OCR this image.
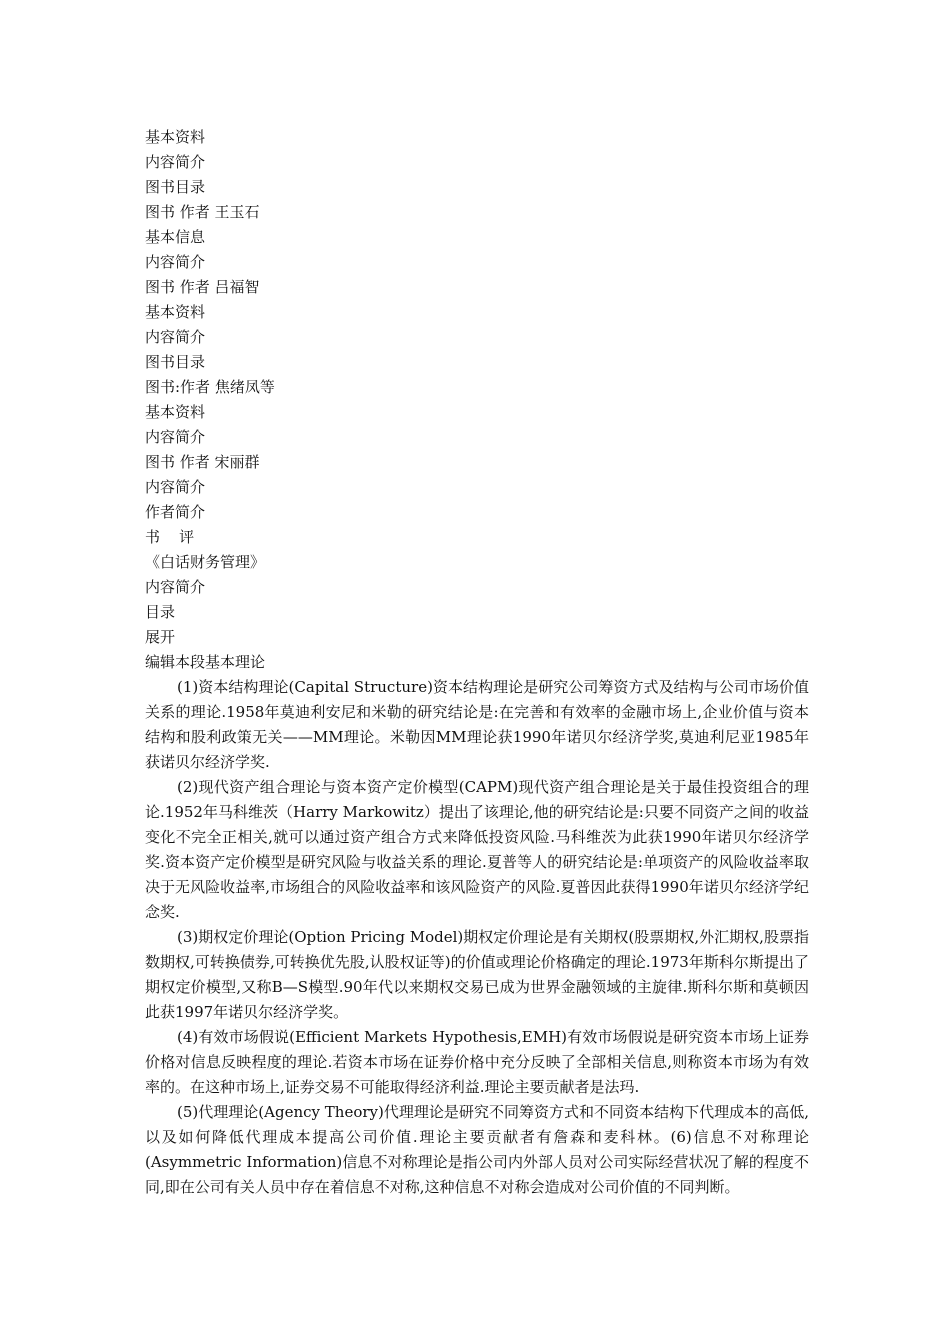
基本资料
内容简介
图书目录
图书 作者 王玉石
基本信息
内容简介
图书 作者 吕福智
基本资料
内容简介
图书目录
图书:作者 焦绪凤等
基本资料
内容简介
图书 作者 宋丽群
内容简介
作者简介
书    评
《白话财务管理》
内容简介
目录
展开
编辑本段基本理论

(1)资本结构理论(Capital Structure)资本结构理论是研究公司筹资方式及结构与公司市场价值关系的理论.1958年莫迪利安尼和米勒的研究结论是:在完善和有效率的金融市场上,企业价值与资本结构和股利政策无关——MM理论。米勒因MM理论获1990年诺贝尔经济学奖,莫迪利尼亚1985年获诺贝尔经济学奖.

(2)现代资产组合理论与资本资产定价模型(CAPM)现代资产组合理论是关于最佳投资组合的理论.1952年马科维茨（Harry Markowitz）提出了该理论,他的研究结论是:只要不同资产之间的收益变化不完全正相关,就可以通过资产组合方式来降低投资风险.马科维茨为此获1990年诺贝尔经济学奖.资本资产定价模型是研究风险与收益关系的理论.夏普等人的研究结论是:单项资产的风险收益率取决于无风险收益率,市场组合的风险收益率和该风险资产的风险.夏普因此获得1990年诺贝尔经济学纪念奖.

(3)期权定价理论(Option Pricing Model)期权定价理论是有关期权(股票期权,外汇期权,股票指数期权,可转换债券,可转换优先股,认股权证等)的价值或理论价格确定的理论.1973年斯科尔斯提出了期权定价模型,又称B—S模型.90年代以来期权交易已成为世界金融领域的主旋律.斯科尔斯和莫顿因此获1997年诺贝尔经济学奖。

(4)有效市场假说(Efficient Markets Hypothesis,EMH)有效市场假说是研究资本市场上证券价格对信息反映程度的理论.若资本市场在证券价格中充分反映了全部相关信息,则称资本市场为有效率的。在这种市场上,证券交易不可能取得经济利益.理论主要贡献者是法玛.

(5)代理理论(Agency Theory)代理理论是研究不同筹资方式和不同资本结构下代理成本的高低,以及如何降低代理成本提高公司价值.理论主要贡献者有詹森和麦科林。(6)信息不对称理论(Asymmetric Information)信息不对称理论是指公司内外部人员对公司实际经营状况了解的程度不同,即在公司有关人员中存在着信息不对称,这种信息不对称会造成对公司价值的不同判断。
